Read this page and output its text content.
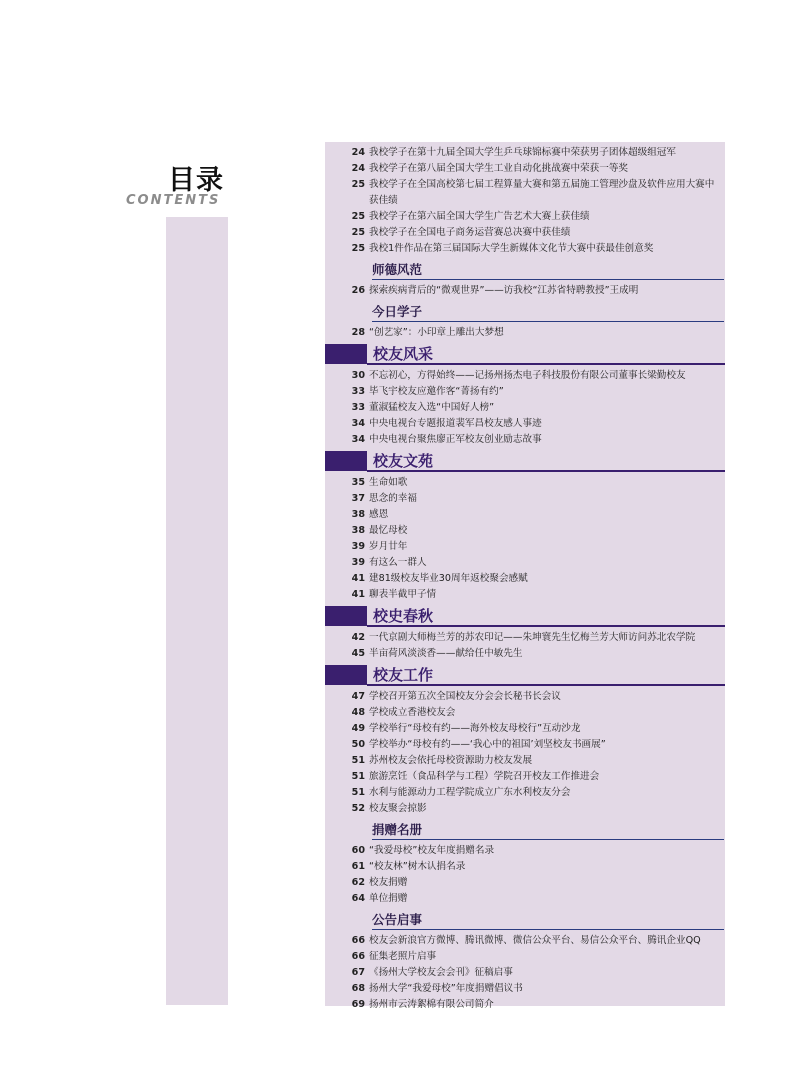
目录
CONTENTS
24 我校学子在第十九届全国大学生乒乓球锦标赛中荣获男子团体超级组冠军
24 我校学子在第八届全国大学生工业自动化挑战赛中荣获一等奖
25 我校学子在全国高校第七届工程算量大赛和第五届施工管理沙盘及软件应用大赛中获佳绩
25 我校学子在第六届全国大学生广告艺术大赛上获佳绩
25 我校学子在全国电子商务运营赛总决赛中获佳绩
25 我校1件作品在第三届国际大学生新媒体文化节大赛中获最佳创意奖
师德风范
26 探索疾病背后的“微观世界”——访我校“江苏省特聘教授”王成明
今日学子
28 “创艺家”：小印章上雕出大梦想
校友风采
30 不忘初心，方得始终——记扬州扬杰电子科技股份有限公司董事长梁勤校友
33 毕飞宇校友应邀作客“菁扬有约”
33 董淑猛校友入选“中国好人榜”
34 中央电视台专题报道裴军昌校友感人事迹
34 中央电视台聚焦廖正军校友创业励志故事
校友文苑
35 生命如歌
37 思念的幸福
38 感恩
38 最忆母校
39 岁月廿年
39 有这么一群人
41 建81级校友毕业30周年返校聚会感赋
41 聊表半截甲子情
校史春秋
42 一代京剧大师梅兰芳的苏农印记——朱坤寰先生忆梅兰芳大师访问苏北农学院
45 半亩荷风淡淡香——献给任中敏先生
校友工作
47 学校召开第五次全国校友分会会长秘书长会议
48 学校成立香港校友会
49 学校举行“母校有约——海外校友母校行”互动沙龙
50 学校举办“母校有约——‘我心中的祖国’刘坚校友书画展”
51 苏州校友会依托母校资源助力校友发展
51 旅游烹饪（食品科学与工程）学院召开校友工作推进会
51 水利与能源动力工程学院成立广东水利校友分会
52 校友聚会掠影
捐赠名册
60 “我爱母校”校友年度捐赠名录
61 “校友林”树木认捐名录
62 校友捐赠
64 单位捐赠
公告启事
66 校友会新浪官方微博、腾讯微博、微信公众平台、易信公众平台、腾讯企业QQ
66 征集老照片启事
67 《扬州大学校友会会刊》征稿启事
68 扬州大学“我爱母校”年度捐赠倡议书
69 扬州市云涛絮棉有限公司简介
